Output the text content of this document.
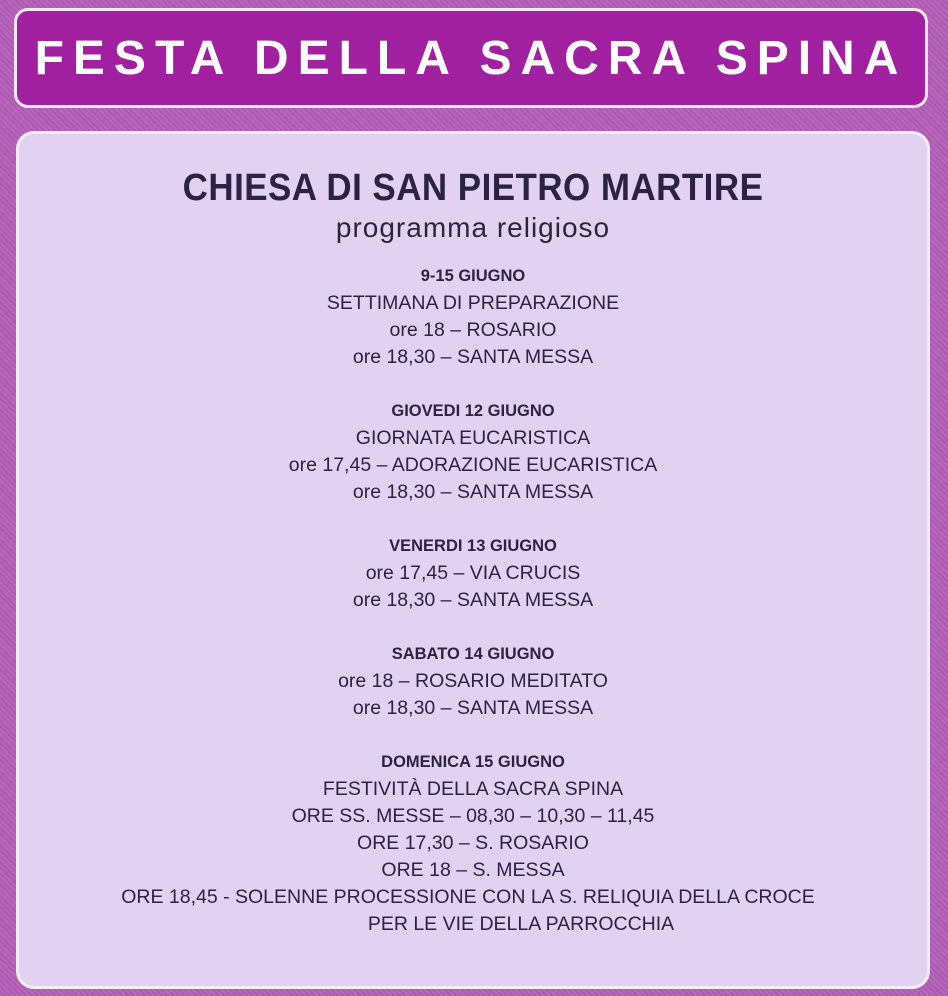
FESTA DELLA SACRA SPINA
CHIESA DI SAN PIETRO MARTIRE
programma religioso
9-15 GIUGNO
SETTIMANA DI PREPARAZIONE
ore 18 – ROSARIO
ore 18,30 – SANTA MESSA
GIOVEDI 12 GIUGNO
GIORNATA EUCARISTICA
ore 17,45 – ADORAZIONE EUCARISTICA
ore 18,30 – SANTA MESSA
VENERDI 13 GIUGNO
ore 17,45 – VIA CRUCIS
ore 18,30 – SANTA MESSA
SABATO 14 GIUGNO
ore 18 – ROSARIO MEDITATO
ore 18,30 – SANTA MESSA
DOMENICA 15 GIUGNO
FESTIVITÀ DELLA SACRA SPINA
ORE SS. MESSE – 08,30 – 10,30 – 11,45
ORE 17,30 – S. ROSARIO
ORE 18 – S. MESSA
ORE 18,45 - SOLENNE PROCESSIONE CON LA S. RELIQUIA DELLA CROCE
PER LE VIE DELLA PARROCCHIA
